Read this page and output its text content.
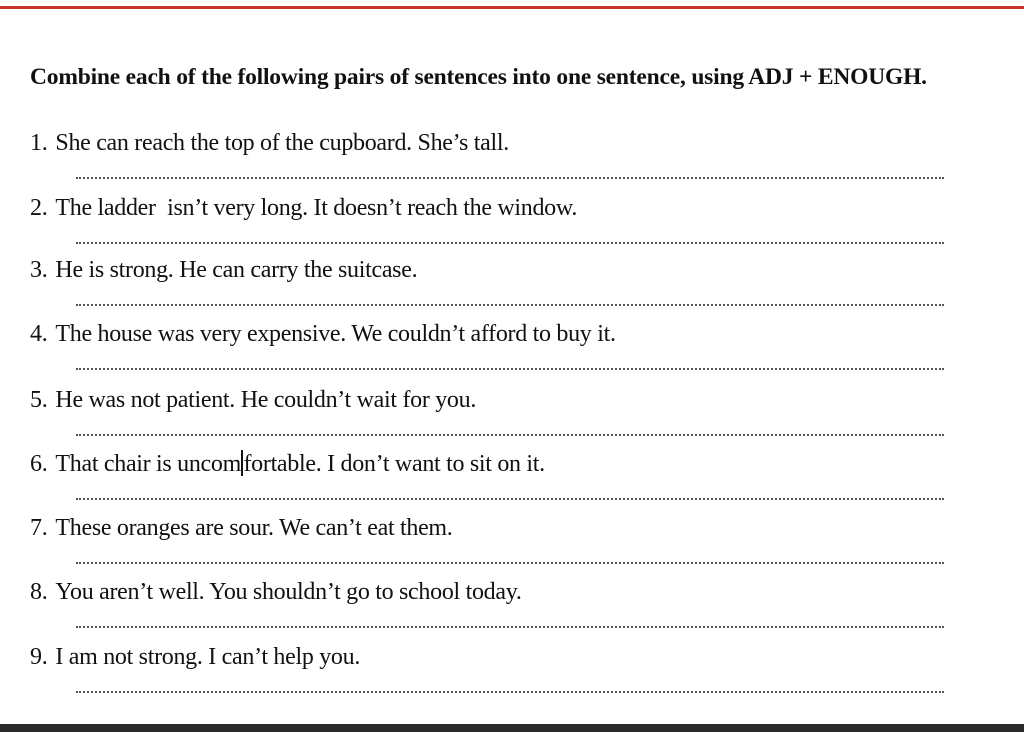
Combine each of the following pairs of sentences into one sentence, using ADJ + ENOUGH.
1. She can reach the top of the cupboard. She’s tall.
2. The ladder  isn’t very long. It doesn’t reach the window.
3. He is strong. He can carry the suitcase.
4. The house was very expensive. We couldn’t afford to buy it.
5. He was not patient. He couldn’t wait for you.
6. That chair is uncom fortable. I don’t want to sit on it.
7. These oranges are sour. We can’t eat them.
8. You aren’t well. You shouldn’t go to school today.
9. I am not strong. I can’t help you.
